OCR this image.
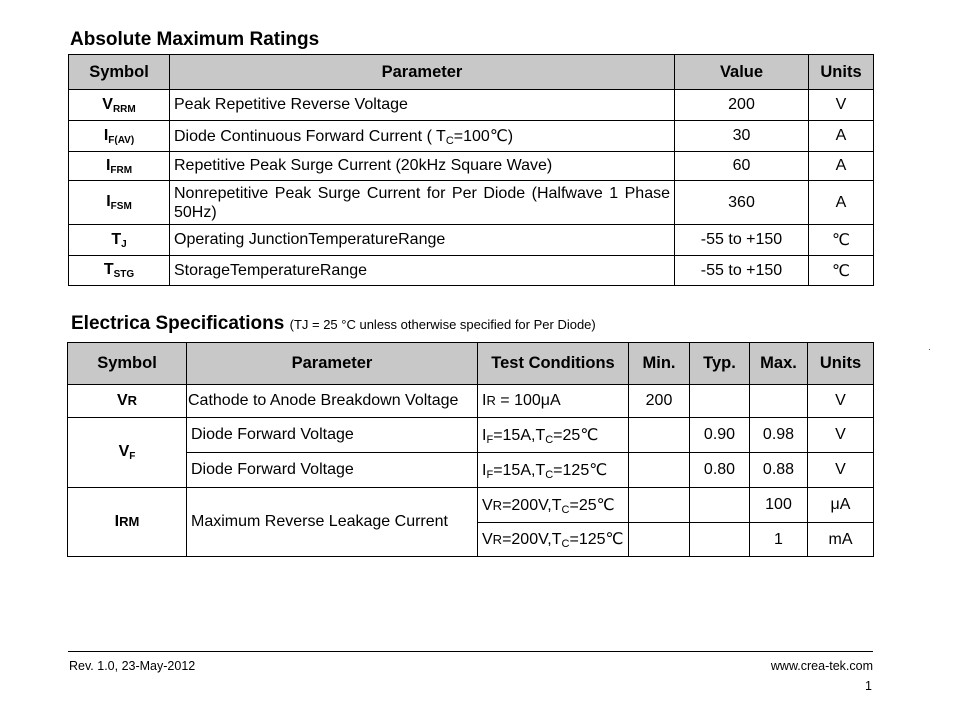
Absolute Maximum Ratings
Symbol	Parameter	Value	Units
$V_{RRM}$	Peak Repetitive Reverse Voltage	200	V
$I_{F(AV)}$	Diode Continuous Forward Current ( $T_C=100℃$)	30	A
$I_{FRM}$	Repetitive Peak Surge Current (20kHz Square Wave)	60	A
$I_{FSM}$	Nonrepetitive Peak Surge Current for Per Diode (Halfwave 1 Phase 50Hz)	360	A
$T_J$	Operating JunctionTemperatureRange	-55 to +150	℃
$T_{STG}$	StorageTemperatureRange	-55 to +150	℃
Electrica Specifications (TJ = 25 °C unless otherwise specified for Per Diode)
Symbol	Parameter	Test Conditions	Min.	Typ.	Max.	Units
VR	Cathode to Anode Breakdown Voltage	IR = 100μA	200			V
$V_F$	Diode Forward Voltage	$I_F=15A,T_C=25℃$		0.90	0.98	V
	Diode Forward Voltage	$I_F=15A,T_C=125℃$		0.80	0.88	V
IRM	Maximum Reverse Leakage Current	$VR=200V,T_C=25℃$			100	μA
		$VR=200V,T_C=125℃$			1	mA
Rev. 1.0, 23-May-2012	www.crea-tek.com
1
